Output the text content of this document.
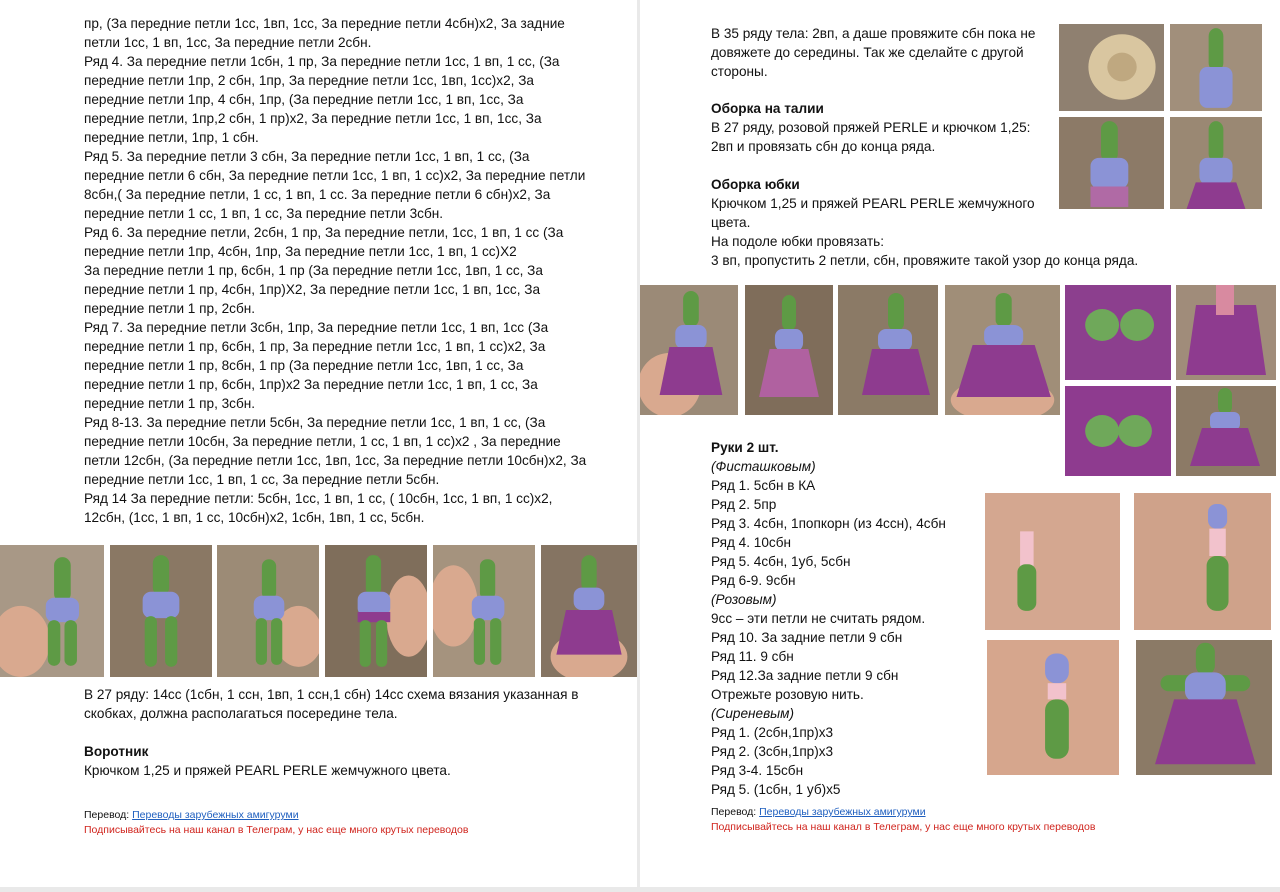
пр, (За передние петли 1сс, 1вп, 1сс, За передние петли 4сбн)х2, За задние

петли 1сс, 1 вп, 1сс, За передние петли 2сбн.

Ряд 4. За передние петли 1сбн, 1 пр, За передние петли 1сс, 1 вп, 1 сс, (За

передние петли 1пр, 2 сбн, 1пр, За передние петли 1сс, 1вп, 1сс)х2, За

передние петли 1пр, 4 сбн, 1пр, (За передние петли 1сс, 1 вп, 1сс, За

передние петли, 1пр,2 сбн, 1 пр)х2, За передние петли 1сс, 1 вп, 1сс, За

передние петли, 1пр, 1 сбн.

Ряд 5. За передние петли 3 сбн, За передние петли 1сс, 1 вп, 1 сс, (За

передние петли 6 сбн, За передние петли 1сс, 1 вп, 1 сс)х2, За передние петли

8сбн,( За передние петли, 1 сс, 1 вп, 1 сс. За передние петли 6 сбн)х2, За

передние петли 1 сс, 1 вп, 1 сс, За передние петли 3сбн.

Ряд 6. За передние петли, 2сбн, 1 пр, За передние петли, 1сс, 1 вп, 1 сс (За

передние петли 1пр, 4сбн, 1пр, За передние петли 1сс, 1 вп, 1 сс)Х2

За передние петли 1 пр, 6сбн, 1 пр (За передние петли 1сс, 1вп, 1 сс, За

передние петли 1 пр, 4сбн, 1пр)Х2, За передние петли 1сс, 1 вп, 1сс, За

передние петли 1 пр, 2сбн.

Ряд 7. За передние петли 3сбн, 1пр, За передние петли 1сс, 1 вп, 1сс (За

передние петли 1 пр, 6сбн, 1 пр, За передние петли 1сс, 1 вп, 1 сс)х2, За

передние петли 1 пр, 8сбн, 1 пр (За передние петли 1сс, 1вп, 1 сс, За

передние петли 1 пр, 6сбн, 1пр)х2 За передние петли 1сс, 1 вп, 1 сс, За

передние петли 1 пр, 3сбн.

Ряд 8-13. За передние петли 5сбн, За передние петли 1сс, 1 вп, 1 сс, (За

передние петли 10сбн, За передние петли, 1 сс, 1 вп, 1 сс)х2 , За передние

петли 12сбн, (За передние петли 1сс, 1вп, 1сс, За передние петли 10сбн)х2, За

передние петли 1сс, 1 вп, 1 сс, За передние петли 5сбн.

Ряд 14 За передние петли: 5сбн, 1сс, 1 вп, 1 сс, ( 10сбн, 1сс, 1 вп, 1 сс)х2,

12сбн, (1сс, 1 вп, 1 сс, 10сбн)х2, 1сбн, 1вп, 1 сс, 5сбн.

В 27 ряду: 14сс (1сбн, 1 ссн, 1вп, 1 ссн,1 сбн) 14сс схема вязания указанная в

скобках, должна располагаться посередине тела.

Воротник
Крючком 1,25 и пряжей PEARL PERLE жемчужного цвета.
Перевод: Переводы зарубежных амигуруми
Подписывайтесь на наш канал в Телеграм, у нас еще много крутых переводов

В 35 ряду тела: 2вп, а даше провяжите сбн пока не

довяжете до середины. Так же сделайте с другой

стороны.

Оборка на талии

В 27 ряду, розовой пряжей PERLE и крючком 1,25:

2вп и провязать сбн до конца ряда.

Оборка юбки

Крючком 1,25 и пряжей PEARL PERLE жемчужного

цвета.

На подоле юбки провязать:

3 вп, пропустить 2 петли, сбн, провяжите такой узор до конца ряда.

Руки 2 шт.

(Фисташковым)

Ряд 1. 5сбн в КА

Ряд 2. 5пр

Ряд 3. 4сбн, 1попкорн (из 4ссн), 4сбн

Ряд 4. 10сбн

Ряд 5. 4сбн, 1уб, 5сбн

Ряд 6-9. 9сбн

(Розовым)

9сс – эти петли не считать рядом.

Ряд 10. За задние петли 9 сбн

Ряд 11. 9 сбн

Ряд 12.За задние петли 9 сбн

Отрежьте розовую нить.

(Сиреневым)

Ряд 1. (2сбн,1пр)х3

Ряд 2. (3сбн,1пр)х3

Ряд 3-4. 15сбн

Ряд 5. (1сбн, 1 уб)х5

Перевод: Переводы зарубежных амигуруми
Подписывайтесь на наш канал в Телеграм, у нас еще много крутых переводов
